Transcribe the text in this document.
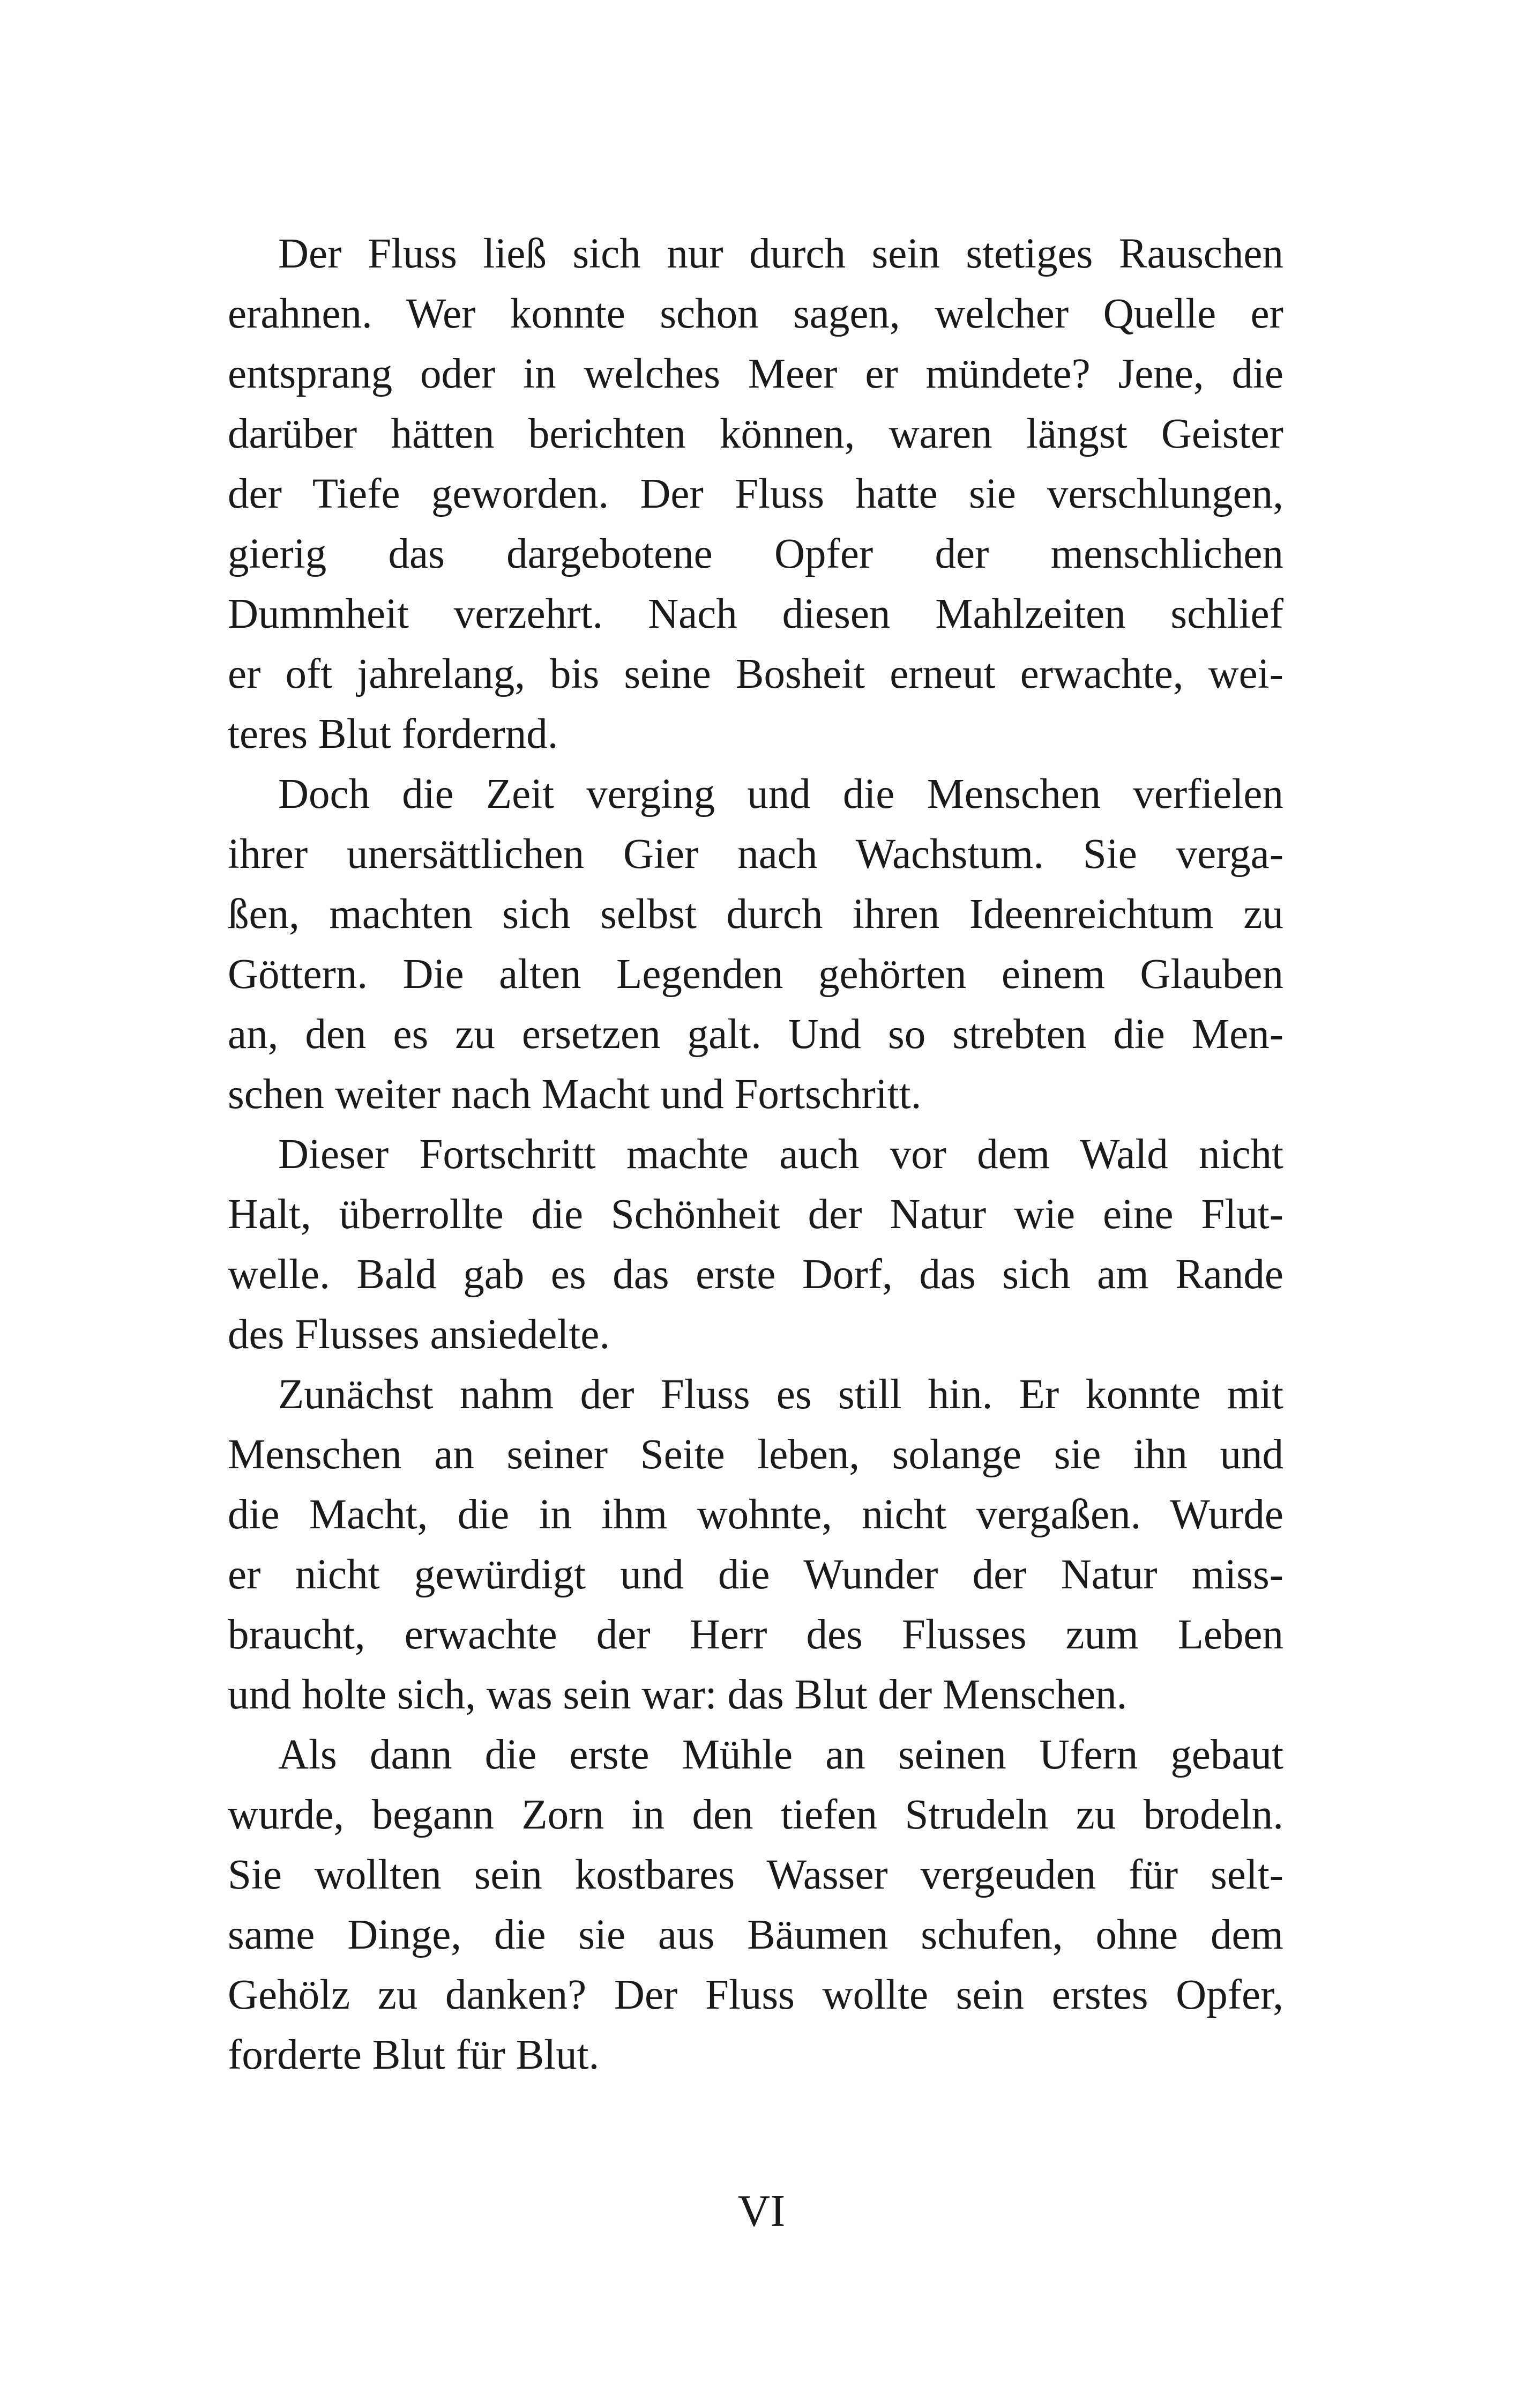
Der Fluss ließ sich nur durch sein stetiges Rauschen
erahnen. Wer konnte schon sagen, welcher Quelle er
entsprang oder in welches Meer er mündete? Jene, die
darüber hätten berichten können, waren längst Geister
der Tiefe geworden. Der Fluss hatte sie verschlungen,
gierig das dargebotene Opfer der menschlichen
Dummheit verzehrt. Nach diesen Mahlzeiten schlief
er oft jahrelang, bis seine Bosheit erneut erwachte, wei-
teres Blut fordernd.
Doch die Zeit verging und die Menschen verfielen
ihrer unersättlichen Gier nach Wachstum. Sie verga-
ßen, machten sich selbst durch ihren Ideenreichtum zu
Göttern. Die alten Legenden gehörten einem Glauben
an, den es zu ersetzen galt. Und so strebten die Men-
schen weiter nach Macht und Fortschritt.
Dieser Fortschritt machte auch vor dem Wald nicht
Halt, überrollte die Schönheit der Natur wie eine Flut-
welle. Bald gab es das erste Dorf, das sich am Rande
des Flusses ansiedelte.
Zunächst nahm der Fluss es still hin. Er konnte mit
Menschen an seiner Seite leben, solange sie ihn und
die Macht, die in ihm wohnte, nicht vergaßen. Wurde
er nicht gewürdigt und die Wunder der Natur miss-
braucht, erwachte der Herr des Flusses zum Leben
und holte sich, was sein war: das Blut der Menschen.
Als dann die erste Mühle an seinen Ufern gebaut
wurde, begann Zorn in den tiefen Strudeln zu brodeln.
Sie wollten sein kostbares Wasser vergeuden für selt-
same Dinge, die sie aus Bäumen schufen, ohne dem
Gehölz zu danken? Der Fluss wollte sein erstes Opfer,
forderte Blut für Blut.
VI
